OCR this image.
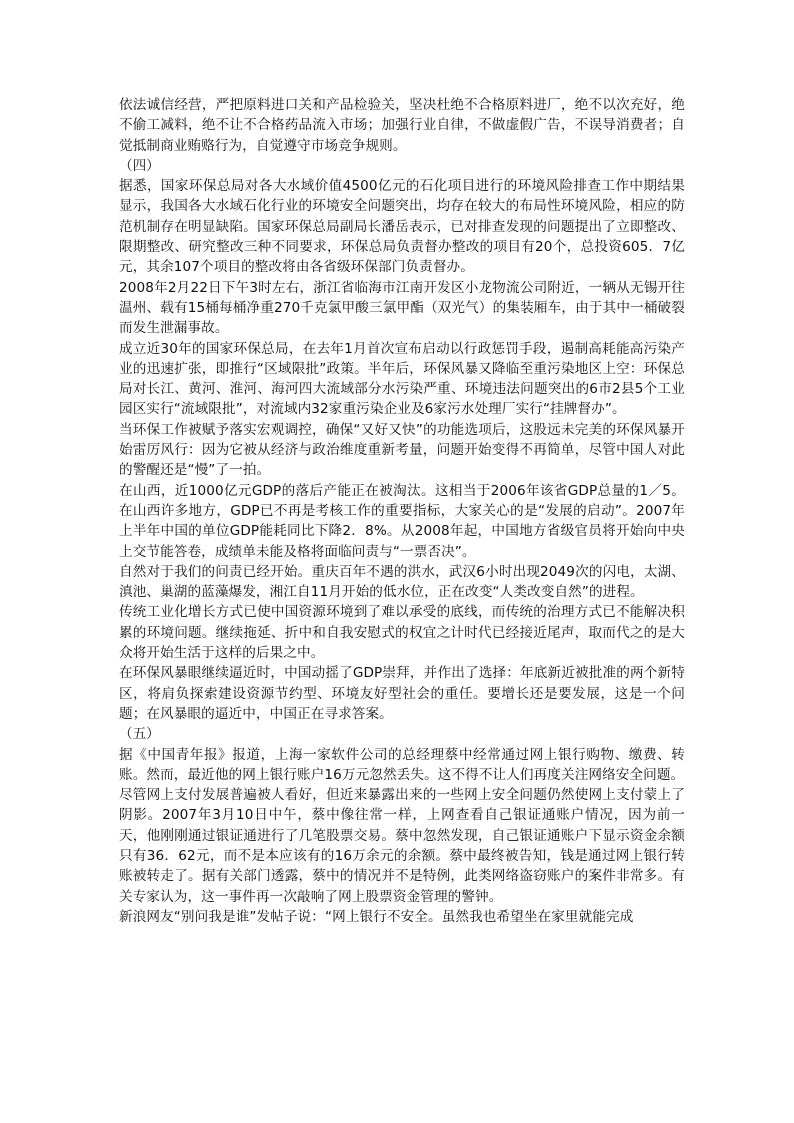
依法诚信经营，严把原料进口关和产品检验关，坚决杜绝不合格原料进厂，绝不以次充好，绝不偷工减料，绝不让不合格药品流入市场；加强行业自律，不做虚假广告，不误导消费者；自觉抵制商业贿赂行为，自觉遵守市场竞争规则。

（四）

据悉，国家环保总局对各大水域价值4500亿元的石化项目进行的环境风险排查工作中期结果显示，我国各大水域石化行业的环境安全问题突出，均存在较大的布局性环境风险，相应的防范机制存在明显缺陷。国家环保总局副局长潘岳表示，已对排查发现的问题提出了立即整改、限期整改、研究整改三种不同要求，环保总局负责督办整改的项目有20个，总投资605．7亿元，其余107个项目的整改将由各省级环保部门负责督办。

2008年2月22日下午3时左右，浙江省临海市江南开发区小龙物流公司附近，一辆从无锡开往温州、载有15桶每桶净重270千克氯甲酸三氯甲酯（双光气）的集装厢车，由于其中一桶破裂而发生泄漏事故。

成立近30年的国家环保总局，在去年1月首次宣布启动以行政惩罚手段，遏制高耗能高污染产业的迅速扩张，即推行“区域限批”政策。半年后，环保风暴又降临至重污染地区上空：环保总局对长江、黄河、淮河、海河四大流域部分水污染严重、环境违法问题突出的6市2县5个工业园区实行“流域限批”，对流域内32家重污染企业及6家污水处理厂实行“挂牌督办”。

当环保工作被赋予落实宏观调控，确保“又好又快”的功能选项后，这股远未完美的环保风暴开始雷厉风行：因为它被从经济与政治维度重新考量，问题开始变得不再简单，尽管中国人对此的警醒还是“慢”了一拍。

在山西，近1000亿元GDP的落后产能正在被淘汰。这相当于2006年该省GDP总量的1／5。在山西许多地方，GDP已不再是考核工作的重要指标，大家关心的是“发展的启动”。2007年上半年中国的单位GDP能耗同比下降2．8%。从2008年起，中国地方省级官员将开始向中央上交节能答卷，成绩单未能及格将面临问责与“一票否决”。

自然对于我们的问责已经开始。重庆百年不遇的洪水，武汉6小时出现2049次的闪电，太湖、滇池、巢湖的蓝藻爆发，湘江自11月开始的低水位，正在改变“人类改变自然”的进程。

传统工业化增长方式已使中国资源环境到了难以承受的底线，而传统的治理方式已不能解决积累的环境问题。继续拖延、折中和自我安慰式的权宜之计时代已经接近尾声，取而代之的是大众将开始生活于这样的后果之中。

在环保风暴眼继续逼近时，中国动摇了GDP崇拜，并作出了选择：年底新近被批准的两个新特区，将肩负探索建设资源节约型、环境友好型社会的重任。要增长还是要发展，这是一个问题；在风暴眼的逼近中，中国正在寻求答案。

（五）

据《中国青年报》报道，上海一家软件公司的总经理蔡中经常通过网上银行购物、缴费、转账。然而，最近他的网上银行账户16万元忽然丢失。这不得不让人们再度关注网络安全问题。

尽管网上支付发展普遍被人看好，但近来暴露出来的一些网上安全问题仍然使网上支付蒙上了阴影。2007年3月10日中午，蔡中像往常一样，上网查看自己银证通账户情况，因为前一天，他刚刚通过银证通进行了几笔股票交易。蔡中忽然发现，自己银证通账户下显示资金余额只有36．62元，而不是本应该有的16万余元的余额。蔡中最终被告知，钱是通过网上银行转账被转走了。据有关部门透露，蔡中的情况并不是特例，此类网络盗窃账户的案件非常多。有关专家认为，这一事件再一次敲响了网上股票资金管理的警钟。

新浪网友“别问我是谁”发帖子说：“网上银行不安全。虽然我也希望坐在家里就能完成
